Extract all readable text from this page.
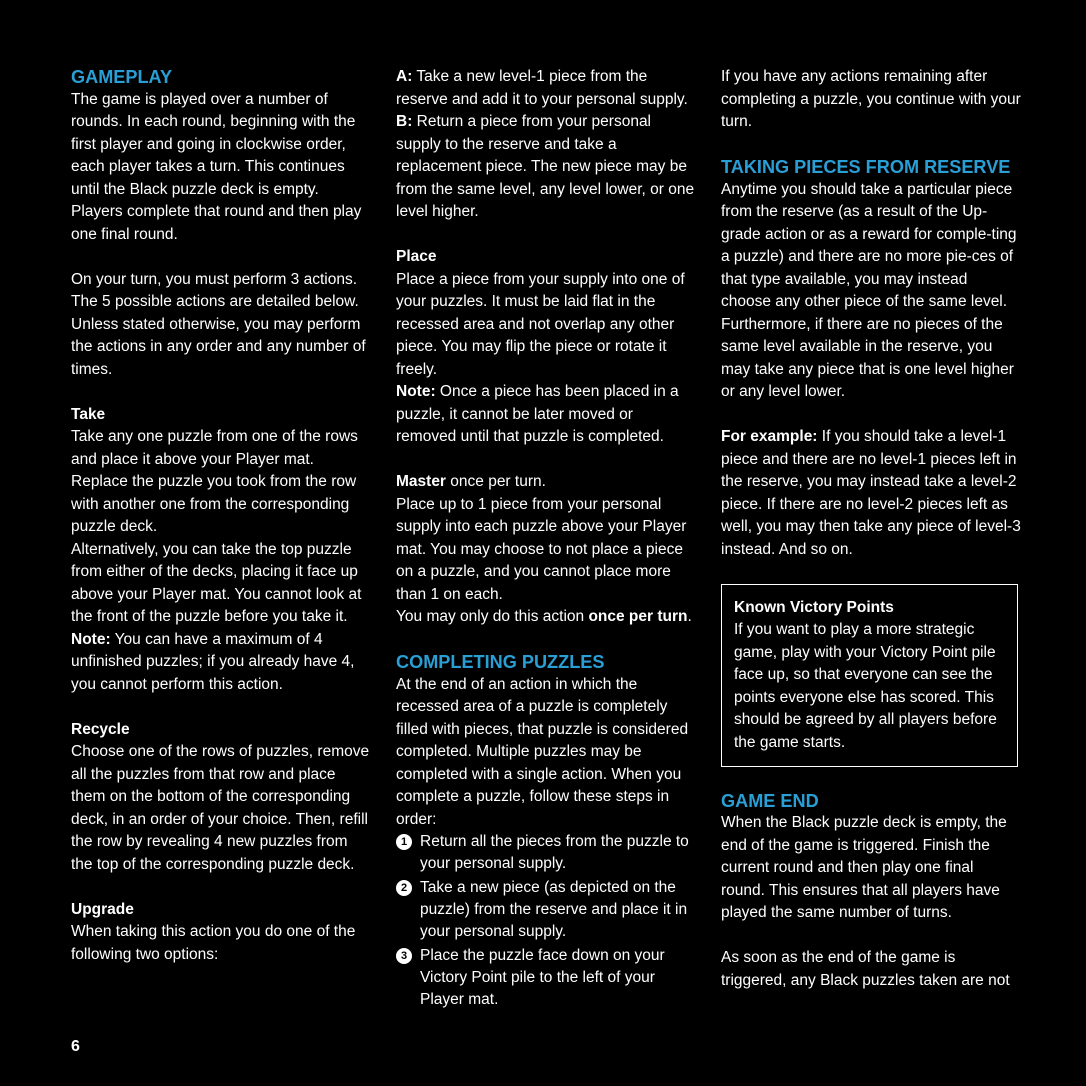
GAMEPLAY

The game is played over a number of rounds. In each round, beginning with the first player and going in clockwise order, each player takes a turn. This continues until the Black puzzle deck is empty. Players complete that round and then play one final round.

On your turn, you must perform 3 actions. The 5 possible actions are detailed below. Unless stated otherwise, you may perform the actions in any order and any number of times.

Take

Take any one puzzle from one of the rows and place it above your Player mat. Replace the puzzle you took from the row with another one from the corresponding puzzle deck.

Alternatively, you can take the top puzzle from either of the decks, placing it face up above your Player mat. You cannot look at the front of the puzzle before you take it.

Note: You can have a maximum of 4 unfinished puzzles; if you already have 4, you cannot perform this action.

Recycle

Choose one of the rows of puzzles, remove all the puzzles from that row and place them on the bottom of the corresponding deck, in an order of your choice. Then, refill the row by revealing 4 new puzzles from the top of the corresponding puzzle deck.

Upgrade

When taking this action you do one of the following two options:

A: Take a new level-1 piece from the reserve and add it to your personal supply.

B: Return a piece from your personal supply to the reserve and take a replacement piece. The new piece may be from the same level, any level lower, or one level higher.

Place

Place a piece from your supply into one of your puzzles. It must be laid flat in the recessed area and not overlap any other piece. You may flip the piece or rotate it freely.

Note: Once a piece has been placed in a puzzle, it cannot be later moved or removed until that puzzle is completed.

Master once per turn.

Place up to 1 piece from your personal supply into each puzzle above your Player mat. You may choose to not place a piece on a puzzle, and you cannot place more than 1 on each.

You may only do this action once per turn.

COMPLETING PUZZLES

At the end of an action in which the recessed area of a puzzle is completely filled with pieces, that puzzle is considered completed. Multiple puzzles may be completed with a single action. When you complete a puzzle, follow these steps in order:

1 Return all the pieces from the puzzle to your personal supply.
2 Take a new piece (as depicted on the puzzle) from the reserve and place it in your personal supply.
3 Place the puzzle face down on your Victory Point pile to the left of your Player mat.

If you have any actions remaining after completing a puzzle, you continue with your turn.

TAKING PIECES FROM RESERVE

Anytime you should take a particular piece from the reserve (as a result of the Up-grade action or as a reward for comple-ting a puzzle) and there are no more pie-ces of that type available, you may instead choose any other piece of the same level. Furthermore, if there are no pieces of the same level available in the reserve, you may take any piece that is one level higher or any level lower.

For example: If you should take a level-1 piece and there are no level-1 pieces left in the reserve, you may instead take a level-2 piece. If there are no level-2 pieces left as well, you may then take any piece of level-3 instead. And so on.

Known Victory Points

If you want to play a more strategic game, play with your Victory Point pile face up, so that everyone can see the points everyone else has scored. This should be agreed by all players before the game starts.

GAME END

When the Black puzzle deck is empty, the end of the game is triggered. Finish the current round and then play one final round. This ensures that all players have played the same number of turns.

As soon as the end of the game is triggered, any Black puzzles taken are not

6
